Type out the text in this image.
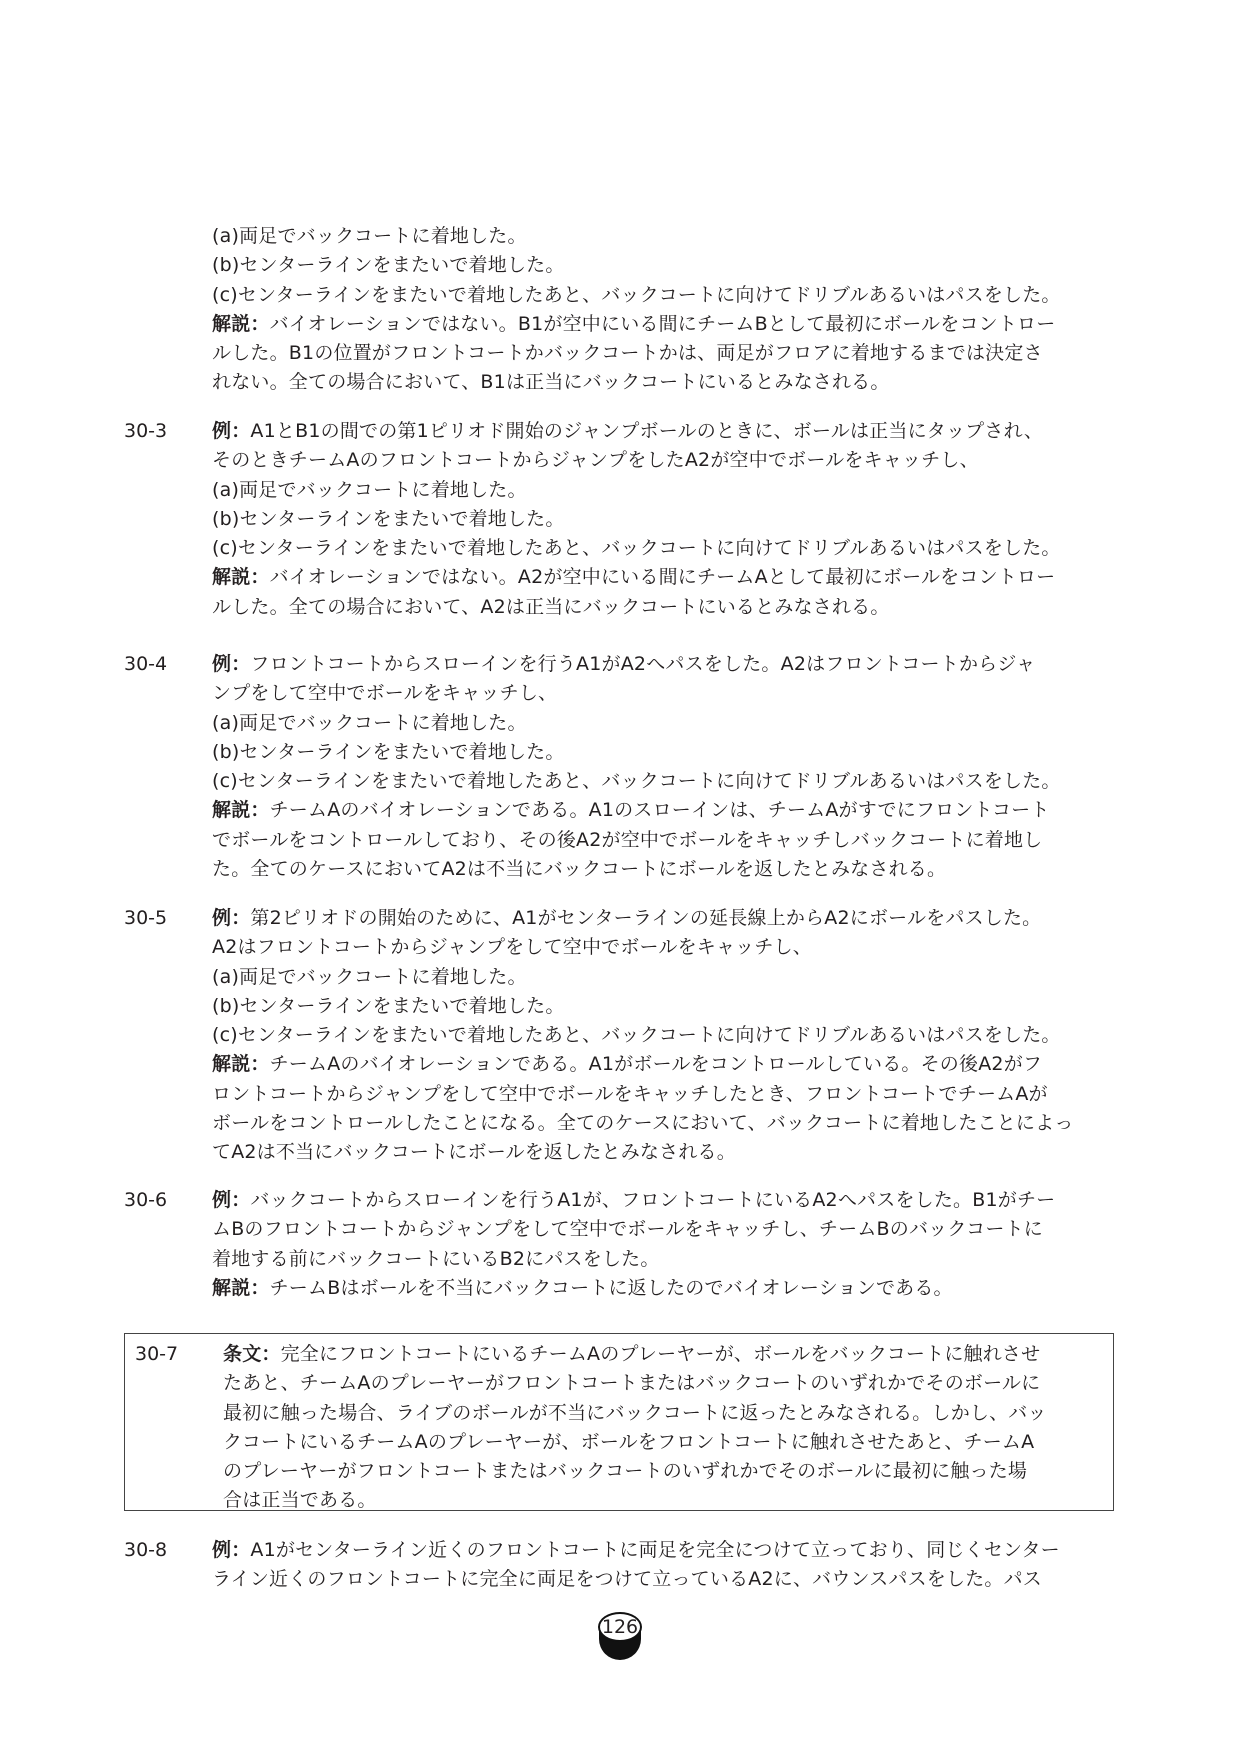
(a)両足でバックコートに着地した。
(b)センターラインをまたいで着地した。
(c)センターラインをまたいで着地したあと、バックコートに向けてドリブルあるいはパスをした。
解説：バイオレーションではない。B1が空中にいる間にチームBとして最初にボールをコントロー
ルした。B1の位置がフロントコートかバックコートかは、両足がフロアに着地するまでは決定さ
れない。全ての場合において、B1は正当にバックコートにいるとみなされる。
30-3	例：A1とB1の間での第1ピリオド開始のジャンプボールのときに、ボールは正当にタップされ、
そのときチームAのフロントコートからジャンプをしたA2が空中でボールをキャッチし、
(a)両足でバックコートに着地した。
(b)センターラインをまたいで着地した。
(c)センターラインをまたいで着地したあと、バックコートに向けてドリブルあるいはパスをした。
解説：バイオレーションではない。A2が空中にいる間にチームAとして最初にボールをコントロー
ルした。全ての場合において、A2は正当にバックコートにいるとみなされる。
30-4	例：フロントコートからスローインを行うA1がA2へパスをした。A2はフロントコートからジャ
ンプをして空中でボールをキャッチし、
(a)両足でバックコートに着地した。
(b)センターラインをまたいで着地した。
(c)センターラインをまたいで着地したあと、バックコートに向けてドリブルあるいはパスをした。
解説：チームAのバイオレーションである。A1のスローインは、チームAがすでにフロントコート
でボールをコントロールしており、その後A2が空中でボールをキャッチしバックコートに着地し
た。全てのケースにおいてA2は不当にバックコートにボールを返したとみなされる。
30-5	例：第2ピリオドの開始のために、A1がセンターラインの延長線上からA2にボールをパスした。
A2はフロントコートからジャンプをして空中でボールをキャッチし、
(a)両足でバックコートに着地した。
(b)センターラインをまたいで着地した。
(c)センターラインをまたいで着地したあと、バックコートに向けてドリブルあるいはパスをした。
解説：チームAのバイオレーションである。A1がボールをコントロールしている。その後A2がフ
ロントコートからジャンプをして空中でボールをキャッチしたとき、フロントコートでチームAが
ボールをコントロールしたことになる。全てのケースにおいて、バックコートに着地したことによっ
てA2は不当にバックコートにボールを返したとみなされる。
30-6	例：バックコートからスローインを行うA1が、フロントコートにいるA2へパスをした。B1がチー
ムBのフロントコートからジャンプをして空中でボールをキャッチし、チームBのバックコートに
着地する前にバックコートにいるB2にパスをした。
解説：チームBはボールを不当にバックコートに返したのでバイオレーションである。
30-7	条文：完全にフロントコートにいるチームAのプレーヤーが、ボールをバックコートに触れさせ
たあと、チームAのプレーヤーがフロントコートまたはバックコートのいずれかでそのボールに
最初に触った場合、ライブのボールが不当にバックコートに返ったとみなされる。しかし、バッ
クコートにいるチームAのプレーヤーが、ボールをフロントコートに触れさせたあと、チームA
のプレーヤーがフロントコートまたはバックコートのいずれかでそのボールに最初に触った場
合は正当である。
30-8	例：A1がセンターライン近くのフロントコートに両足を完全につけて立っており、同じくセンター
ライン近くのフロントコートに完全に両足をつけて立っているA2に、バウンスパスをした。パス
126
